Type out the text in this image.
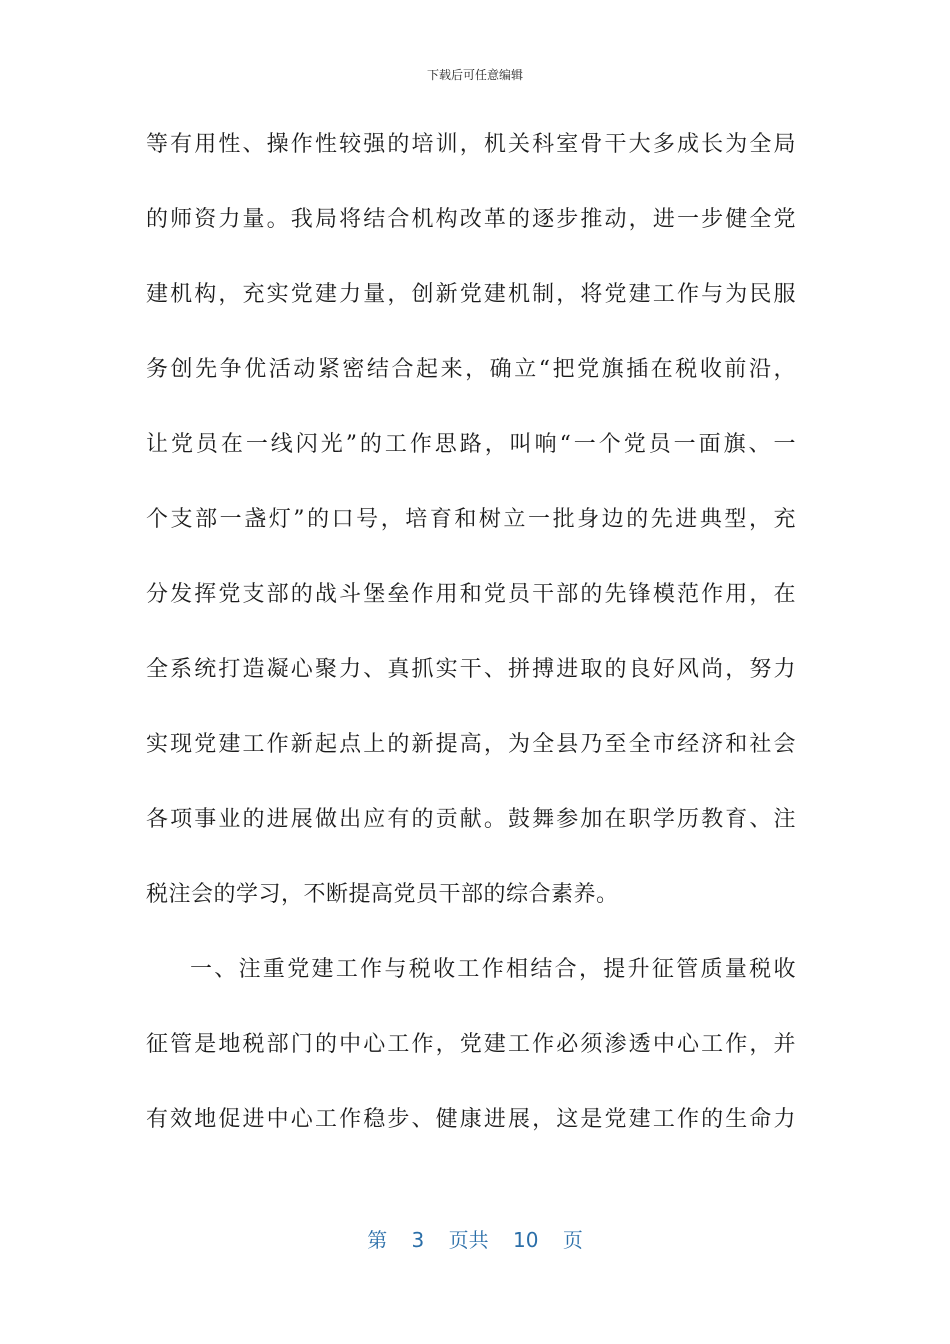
下载后可任意编辑
等有用性、操作性较强的培训，机关科室骨干大多成长为全局
的师资力量。我局将结合机构改革的逐步推动，进一步健全党
建机构，充实党建力量，创新党建机制，将党建工作与为民服
务创先争优活动紧密结合起来，确立“把党旗插在税收前沿，
让党员在一线闪光”的工作思路，叫响“一个党员一面旗、一
个支部一盏灯”的口号，培育和树立一批身边的先进典型，充
分发挥党支部的战斗堡垒作用和党员干部的先锋模范作用，在
全系统打造凝心聚力、真抓实干、拼搏进取的良好风尚，努力
实现党建工作新起点上的新提高，为全县乃至全市经济和社会
各项事业的进展做出应有的贡献。鼓舞参加在职学历教育、注
税注会的学习，不断提高党员干部的综合素养。
一、注重党建工作与税收工作相结合，提升征管质量税收
征管是地税部门的中心工作，党建工作必须渗透中心工作，并
有效地促进中心工作稳步、健康进展，这是党建工作的生命力
第 3 页共 10 页
